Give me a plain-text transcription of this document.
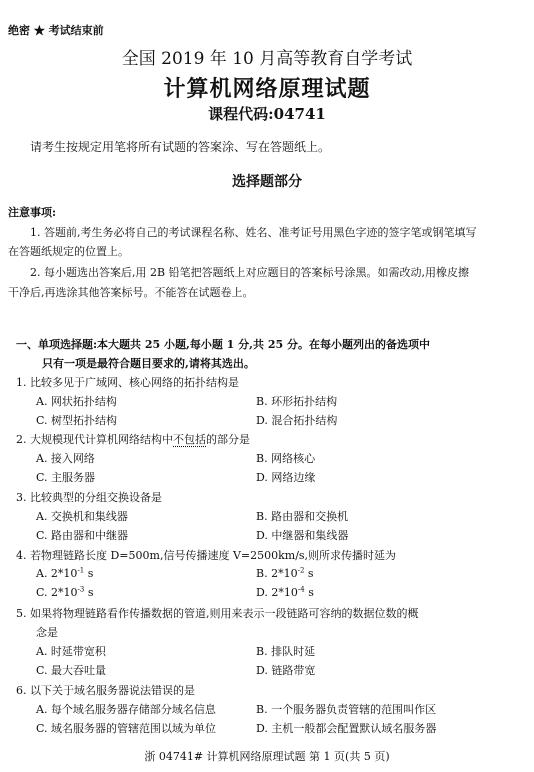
绝密 ★ 考试结束前
全国 2019 年 10 月高等教育自学考试
计算机网络原理试题
课程代码:04741
请考生按规定用笔将所有试题的答案涂、写在答题纸上。
选择题部分
注意事项:
1. 答题前,考生务必将自己的考试课程名称、姓名、准考证号用黑色字迹的签字笔或钢笔填写
在答题纸规定的位置上。
2. 每小题选出答案后,用 2B 铅笔把答题纸上对应题目的答案标号涂黑。如需改动,用橡皮擦
干净后,再选涂其他答案标号。不能答在试题卷上。
一、单项选择题:本大题共 25 小题,每小题 1 分,共 25 分。在每小题列出的备选项中
只有一项是最符合题目要求的,请将其选出。
1. 比较多见于广域网、核心网络的拓扑结构是
A. 网状拓扑结构	B. 环形拓扑结构
C. 树型拓扑结构	D. 混合拓扑结构
2. 大规模现代计算机网络结构中不包括的部分是
A. 接入网络	B. 网络核心
C. 主服务器	D. 网络边缘
3. 比较典型的分组交换设备是
A. 交换机和集线器	B. 路由器和交换机
C. 路由器和中继器	D. 中继器和集线器
4. 若物理链路长度 D=500m,信号传播速度 V=2500km/s,则所求传播时延为
A. $2*10^{-1}$ s	B. $2*10^{-2}$ s
C. $2*10^{-3}$ s	D. $2*10^{-4}$ s
5. 如果将物理链路看作传播数据的管道,则用来表示一段链路可容纳的数据位数的概
念是
A. 时延带宽积	B. 排队时延
C. 最大吞吐量	D. 链路带宽
6. 以下关于域名服务器说法错误的是
A. 每个域名服务器存储部分域名信息	B. 一个服务器负责管辖的范围叫作区
C. 域名服务器的管辖范围以域为单位	D. 主机一般都会配置默认域名服务器
浙 04741# 计算机网络原理试题 第 1 页(共 5 页)
